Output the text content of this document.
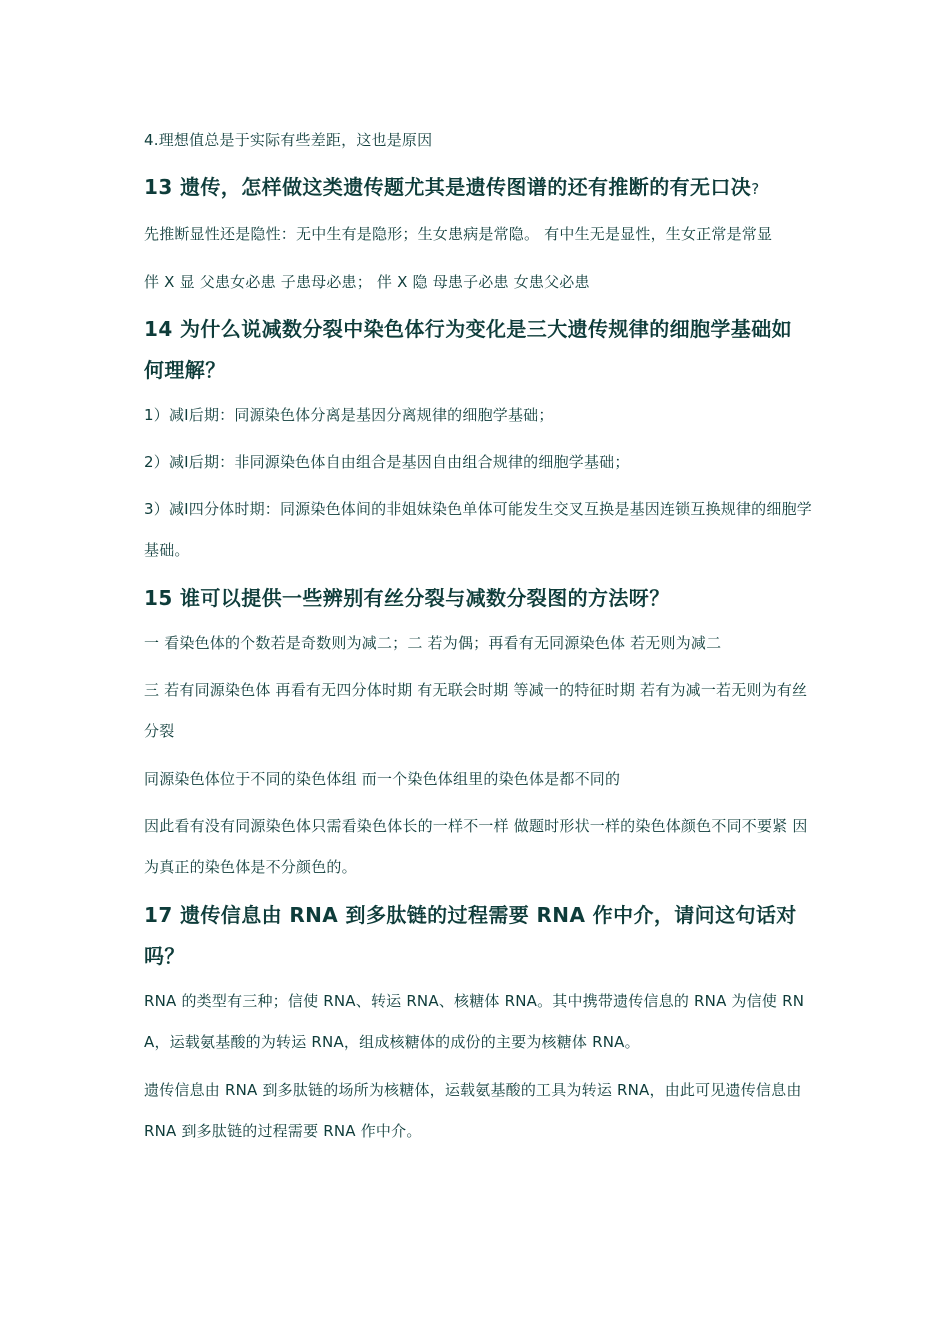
4.理想值总是于实际有些差距，这也是原因

13 遗传，怎样做这类遗传题尤其是遗传图谱的还有推断的有无口决?

先推断显性还是隐性：无中生有是隐形；生女患病是常隐。 有中生无是显性，生女正常是常显

伴 X 显 父患女必患 子患母必患； 伴 X 隐 母患子必患 女患父必患

14 为什么说减数分裂中染色体行为变化是三大遗传规律的细胞学基础如何理解？

1）减Ⅰ后期：同源染色体分离是基因分离规律的细胞学基础；

2）减Ⅰ后期：非同源染色体自由组合是基因自由组合规律的细胞学基础；

3）减Ⅰ四分体时期：同源染色体间的非姐妹染色单体可能发生交叉互换是基因连锁互换规律的细胞学基础。

15 谁可以提供一些辨别有丝分裂与减数分裂图的方法呀？

一 看染色体的个数若是奇数则为减二；二 若为偶；再看有无同源染色体 若无则为减二

三 若有同源染色体 再看有无四分体时期 有无联会时期 等减一的特征时期 若有为减一若无则为有丝分裂

同源染色体位于不同的染色体组 而一个染色体组里的染色体是都不同的

因此看有没有同源染色体只需看染色体长的一样不一样 做题时形状一样的染色体颜色不同不要紧 因为真正的染色体是不分颜色的。

17 遗传信息由 RNA 到多肽链的过程需要 RNA 作中介，请问这句话对吗？

RNA 的类型有三种；信使 RNA、转运 RNA、核糖体 RNA。其中携带遗传信息的 RNA 为信使 RNA，运载氨基酸的为转运 RNA，组成核糖体的成份的主要为核糖体 RNA。

遗传信息由 RNA 到多肽链的场所为核糖体，运载氨基酸的工具为转运 RNA，由此可见遗传信息由 RNA 到多肽链的过程需要 RNA 作中介。
